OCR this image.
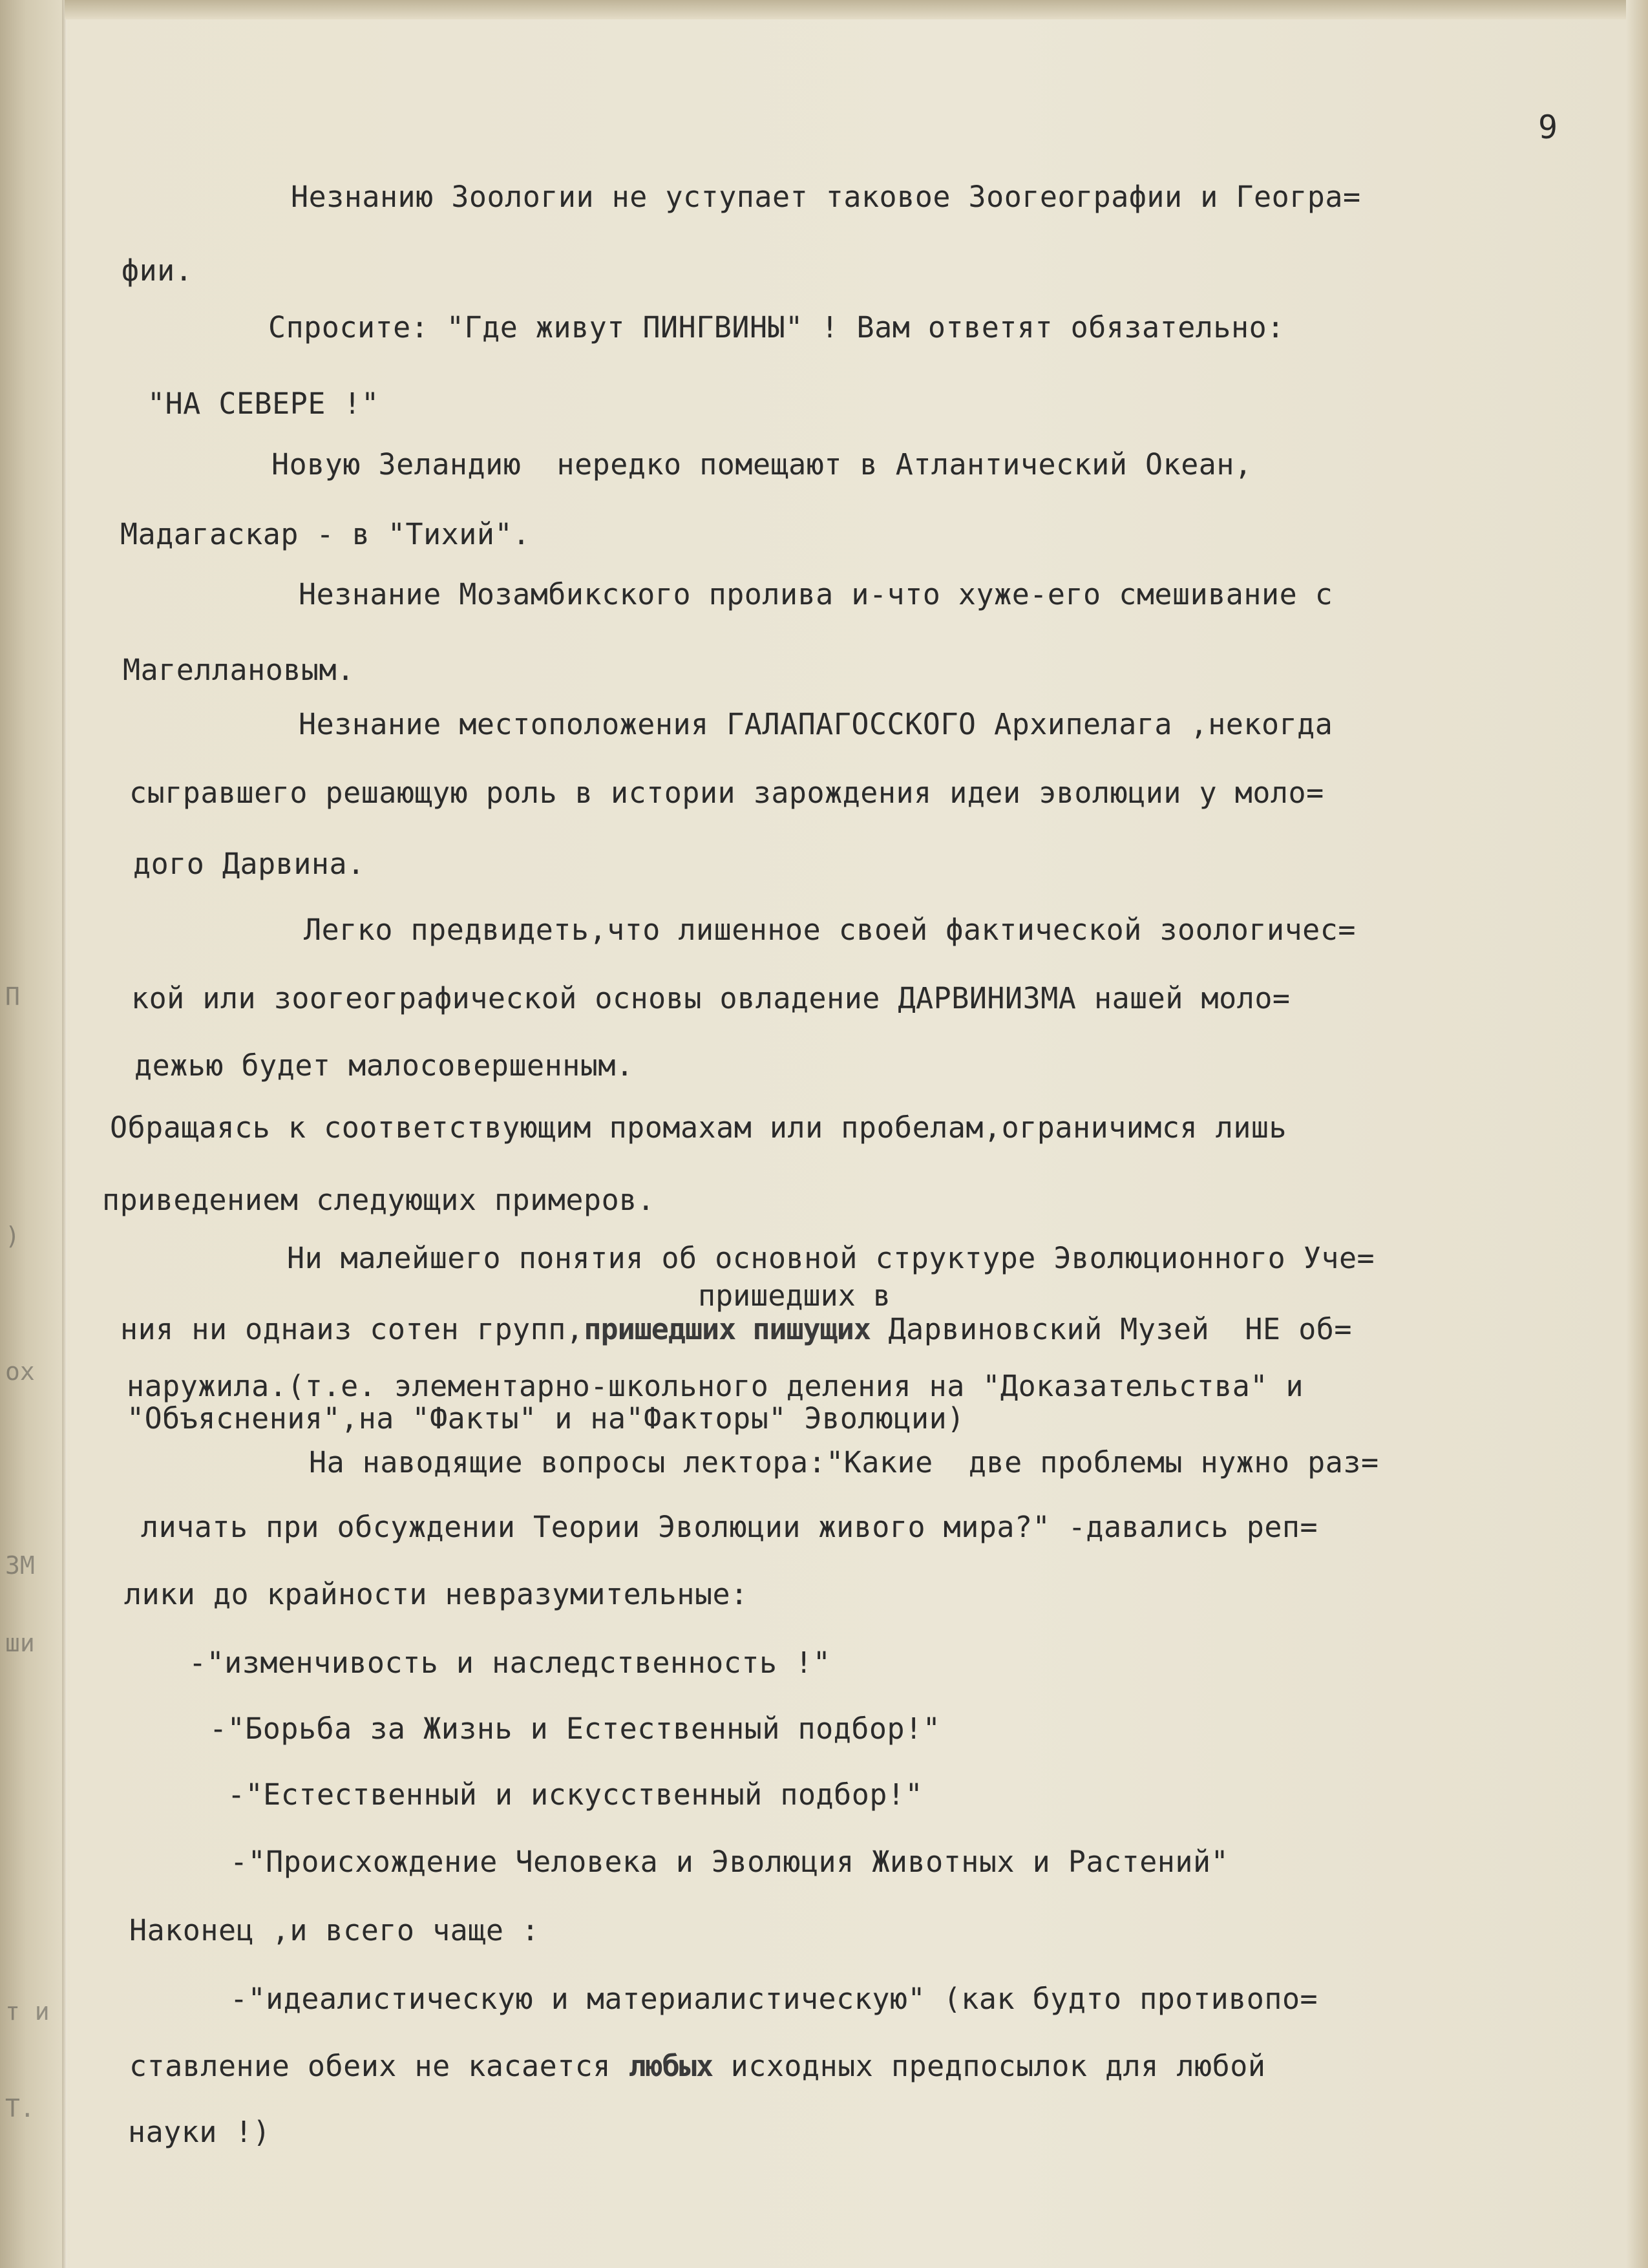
П
)
ох
ЗМ
ши
т и
Т.
9
Незнанию Зоологии не уступает таковое Зоогеографии и Геогра=
фии.
Спросите: "Где живут ПИНГВИНЫ" ! Вам ответят обязательно:
"НА СЕВЕРЕ !"
Новую Зеландию  нередко помещают в Атлантический Океан,
Мадагаскар - в "Тихий".
Незнание Мозамбикского пролива и-что хуже-его смешивание с
Магеллановым.
Незнание местоположения ГАЛАПАГОССКОГО Архипелага ,некогда
сыгравшего решающую роль в истории зарождения идеи эволюции у моло=
дого Дарвина.
Легко предвидеть,что лишенное своей фактической зоологичес=
кой или зоогеографической основы овладение ДАРВИНИЗМА нашей моло=
дежью будет малосовершенным.
Обращаясь к соответствующим промахам или пробелам,ограничимся лишь
приведением следующих примеров.
Ни малейшего понятия об основной структуре Эволюционного Уче=
пришедших в
ния ни однаиз сотен групп,пришедших пишущих Дарвиновский Музей  НЕ об=
наружила.(т.е. элементарно-школьного деления на "Доказательства" и
"Объяснения",на "Факты" и на"Факторы" Эволюции)
На наводящие вопросы лектора:"Какие  две проблемы нужно раз=
личать при обсуждении Теории Эволюции живого мира?" -давались реп=
лики до крайности невразумительные:
-"изменчивость и наследственность !"
-"Борьба за Жизнь и Естественный подбор!"
-"Естественный и искусственный подбор!"
-"Происхождение Человека и Эволюция Животных и Растений"
Наконец ,и всего чаще :
-"идеалистическую и материалистическую" (как будто противопо=
ставление обеих не касается любых исходных предпосылок для любой
науки !)
